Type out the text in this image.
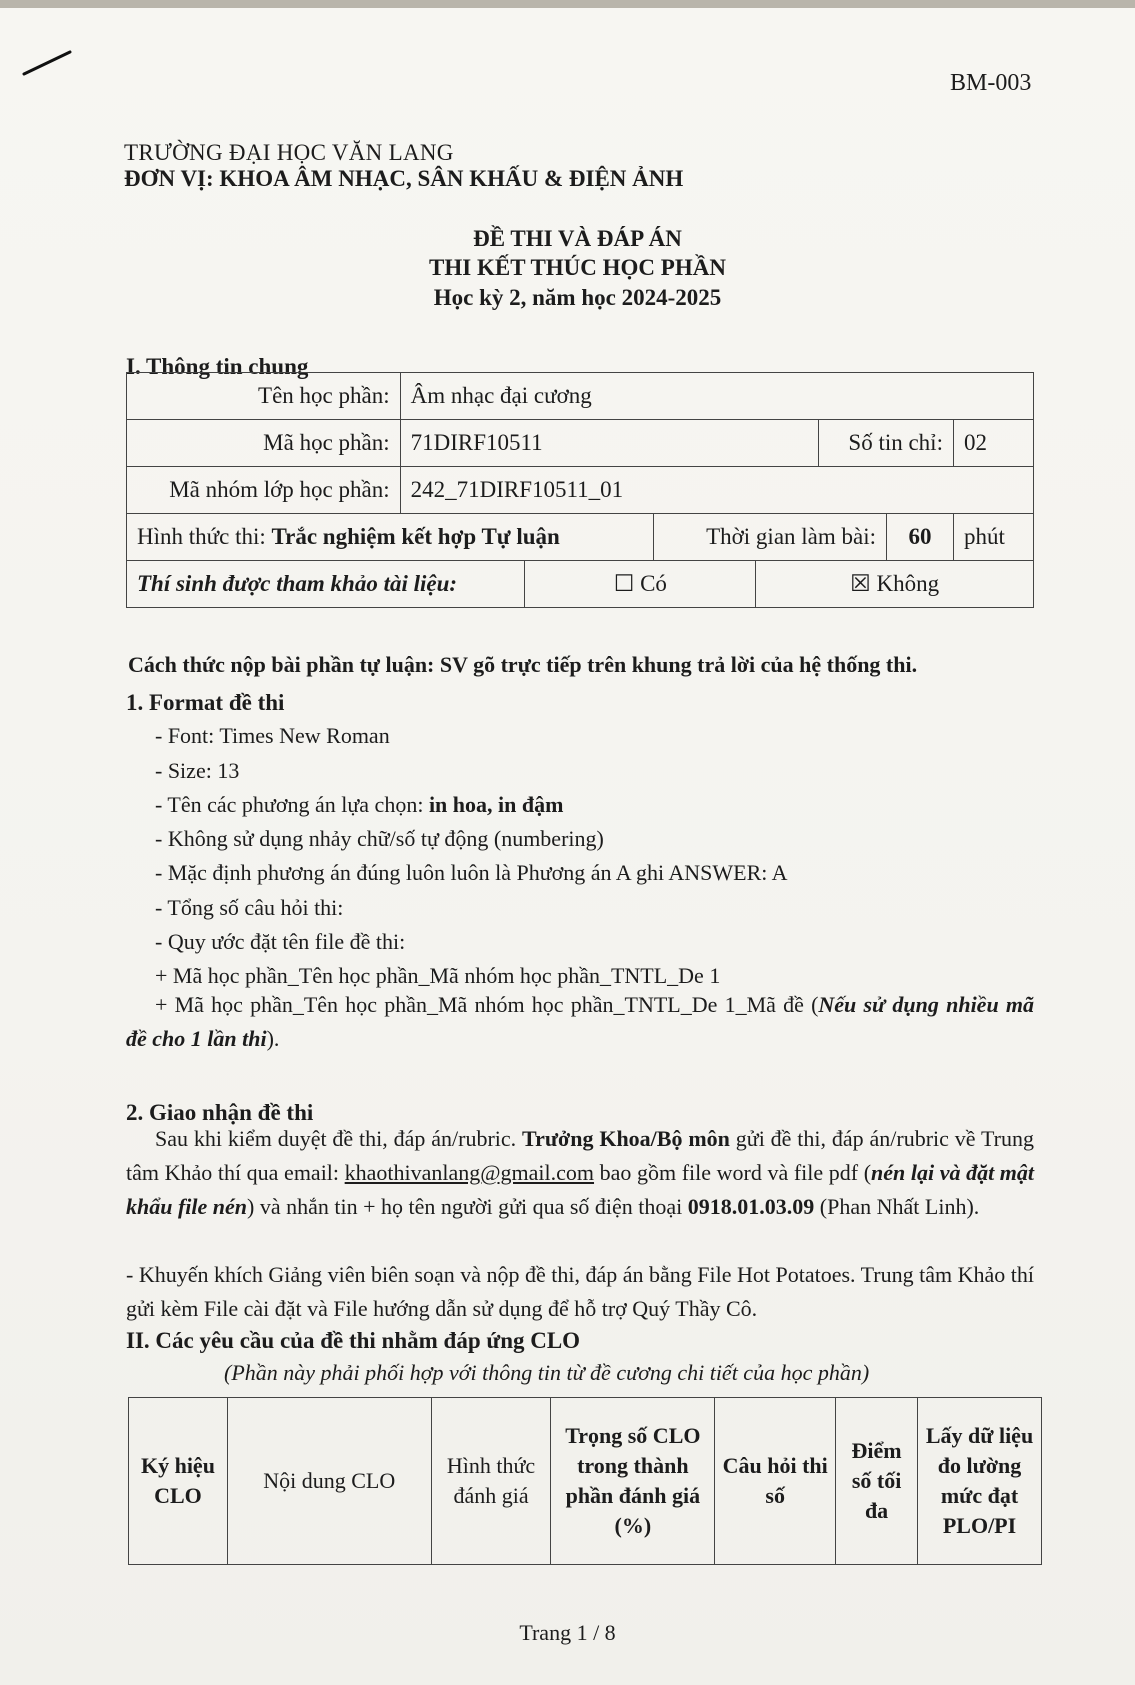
BM-003
TRƯỜNG ĐẠI HỌC VĂN LANG
ĐƠN VỊ: KHOA ÂM NHẠC, SÂN KHẤU & ĐIỆN ẢNH
ĐỀ THI VÀ ĐÁP ÁN
THI KẾT THÚC HỌC PHẦN
Học kỳ 2, năm học 2024-2025
I. Thông tin chung
Tên học phần:	Âm nhạc đại cương						
Mã học phần:	71DIRF10511				Số tin chỉ:		02
Mã nhóm lớp học phần:	242_71DIRF10511_01						
Hình thức thi: Trắc nghiệm kết hợp Tự luận			Thời gian làm bài:			60	phút
Thí sinh được tham khảo tài liệu:		☐ Có		☒ Không			
Cách thức nộp bài phần tự luận: SV gõ trực tiếp trên khung trả lời của hệ thống thi.
1. Format đề thi
- Font: Times New Roman
- Size: 13
- Tên các phương án lựa chọn: in hoa, in đậm
- Không sử dụng nhảy chữ/số tự động (numbering)
- Mặc định phương án đúng luôn luôn là Phương án A ghi ANSWER: A
- Tổng số câu hỏi thi:
- Quy ước đặt tên file đề thi:
+ Mã học phần_Tên học phần_Mã nhóm học phần_TNTL_De 1
+ Mã học phần_Tên học phần_Mã nhóm học phần_TNTL_De 1_Mã đề (Nếu sử dụng nhiều mã đề cho 1 lần thi).
2. Giao nhận đề thi
Sau khi kiểm duyệt đề thi, đáp án/rubric. Trưởng Khoa/Bộ môn gửi đề thi, đáp án/rubric về Trung tâm Khảo thí qua email: khaothivanlang@gmail.com bao gồm file word và file pdf (nén lại và đặt mật khẩu file nén) và nhắn tin + họ tên người gửi qua số điện thoại 0918.01.03.09 (Phan Nhất Linh).
- Khuyến khích Giảng viên biên soạn và nộp đề thi, đáp án bằng File Hot Potatoes. Trung tâm Khảo thí gửi kèm File cài đặt và File hướng dẫn sử dụng để hỗ trợ Quý Thầy Cô.
II. Các yêu cầu của đề thi nhằm đáp ứng CLO
(Phần này phải phối hợp với thông tin từ đề cương chi tiết của học phần)
Ký hiệu CLO	Nội dung CLO	Hình thức đánh giá	Trọng số CLO trong thành phần đánh giá (%)	Câu hỏi thi số	Điểm số tối đa	Lấy dữ liệu đo lường mức đạt PLO/PI
Trang 1 / 8
